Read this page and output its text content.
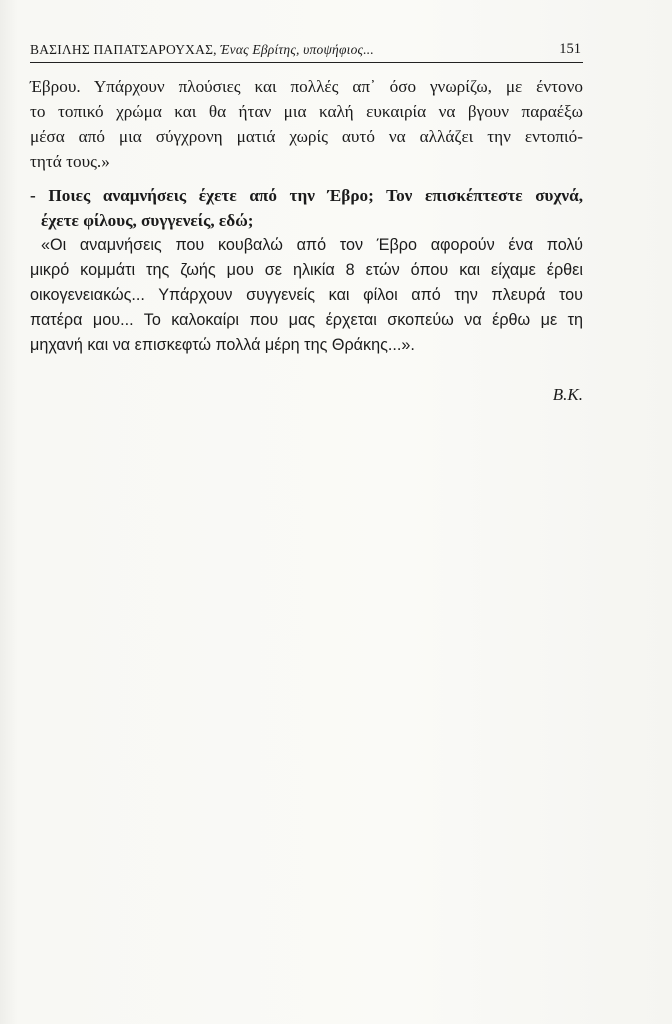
ΒΑΣΙΛΗΣ ΠΑΠΑΤΣΑΡΟΥΧΑΣ, Ένας Εβρίτης, υποψήφιος...	151
Έβρου. Υπάρχουν πλούσιες και πολλές απ᾽ όσο γνωρίζω, με έντονο
το τοπικό χρώμα και θα ήταν μια καλή ευκαιρία να βγουν παραέξω
μέσα από μια σύγχρονη ματιά χωρίς αυτό να αλλάζει την εντοπιό-
τητά τους.»
- Ποιες αναμνήσεις έχετε από την Έβρο; Τον επισκέπτεστε συχνά,
έχετε φίλους, συγγενείς, εδώ;
«Οι αναμνήσεις που κουβαλώ από τον Έβρο αφορούν ένα πολύ
μικρό κομμάτι της ζωής μου σε ηλικία 8 ετών όπου και είχαμε έρθει
οικογενειακώς... Υπάρχουν συγγενείς και φίλοι από την πλευρά του
πατέρα μου... Το καλοκαίρι που μας έρχεται σκοπεύω να έρθω με τη
μηχανή και να επισκεφτώ πολλά μέρη της Θράκης...».
Β.Κ.
